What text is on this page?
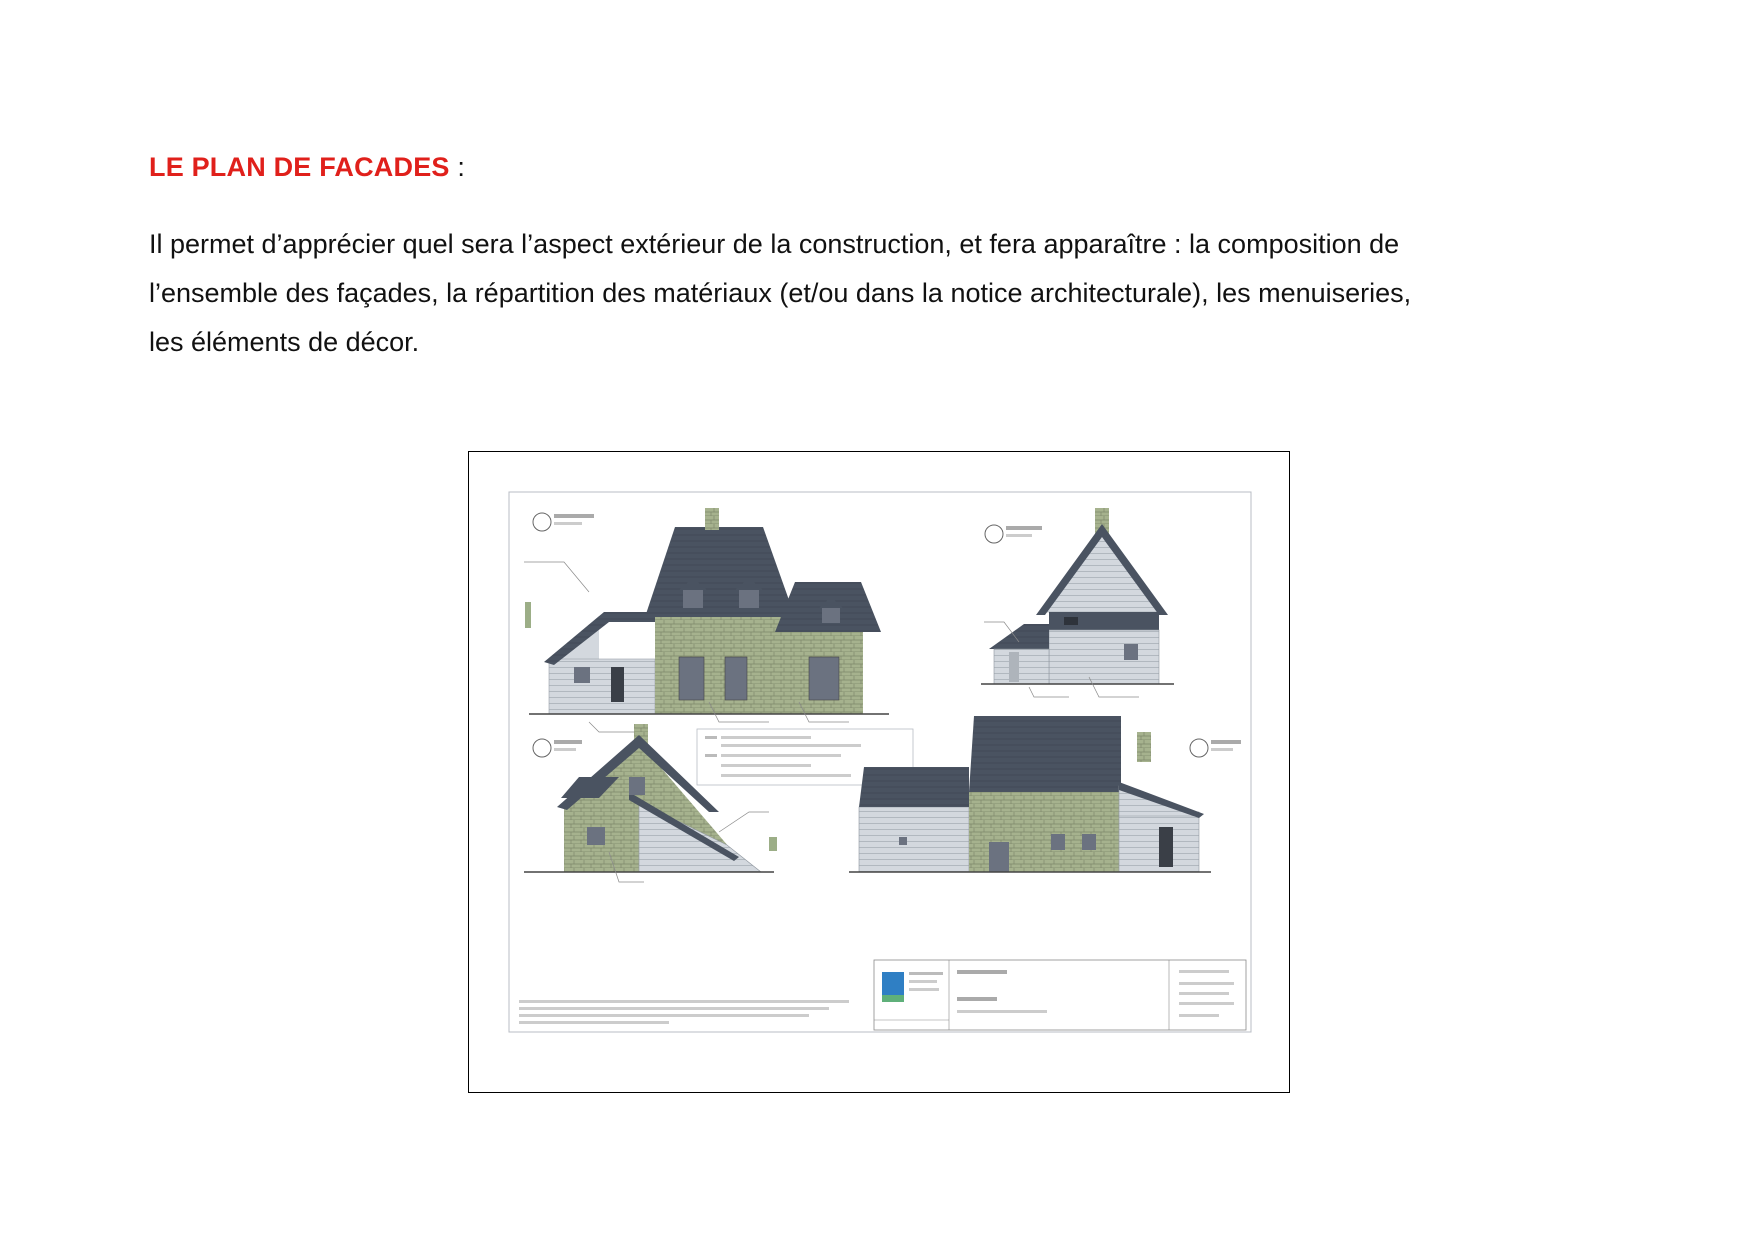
LE PLAN DE FACADES :

Il permet d’apprécier quel sera l’aspect extérieur de la construction, et fera apparaître : la composition de
l’ensemble des façades, la répartition des matériaux (et/ou dans la notice architecturale), les menuiseries,
les éléments de décor.
